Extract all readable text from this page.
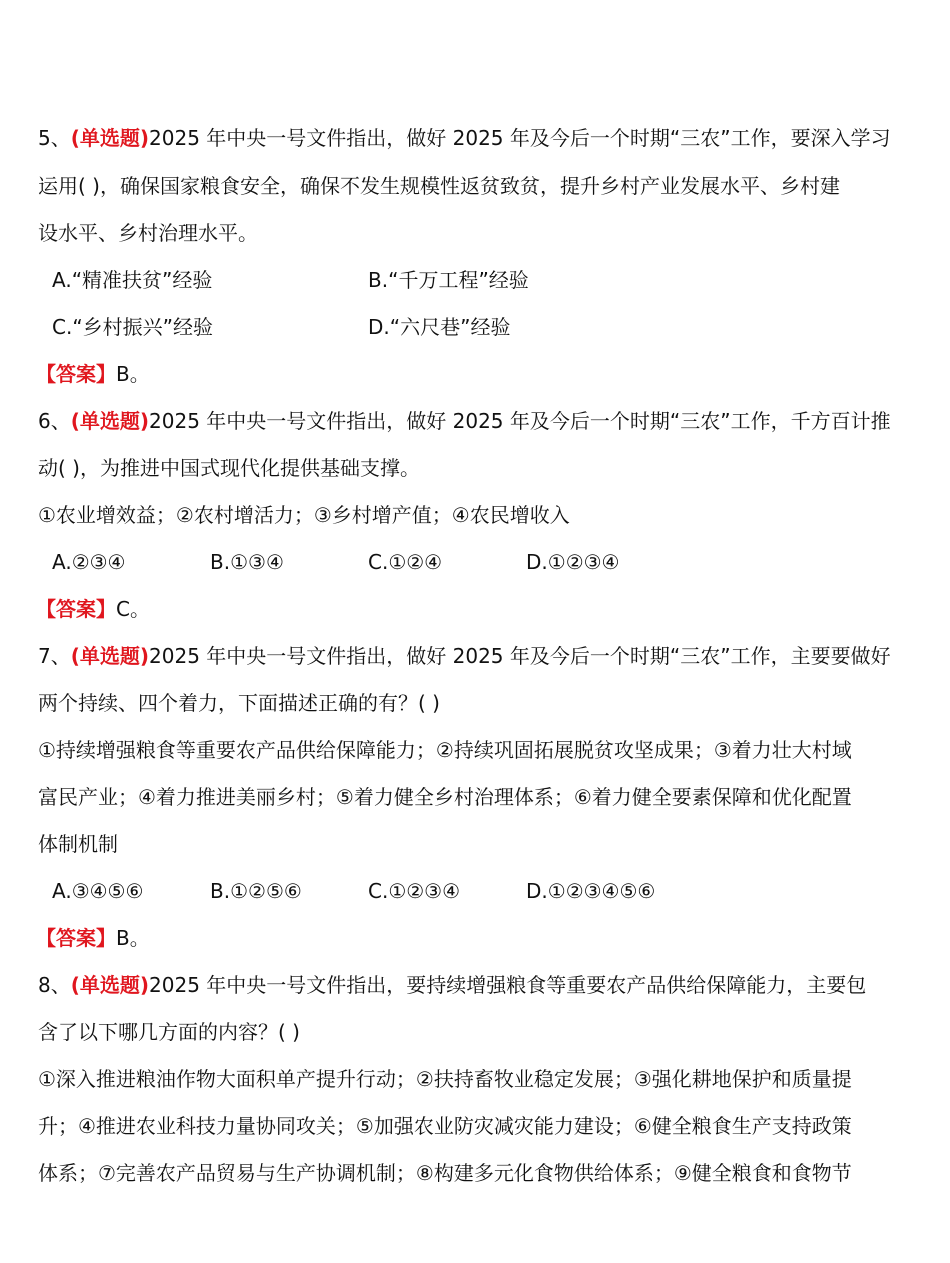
5、(单选题)2025 年中央一号文件指出，做好 2025 年及今后一个时期“三农”工作，要深入学习
运用( )，确保国家粮食安全，确保不发生规模性返贫致贫，提升乡村产业发展水平、乡村建
设水平、乡村治理水平。
A.“精准扶贫”经验	B.“千万工程”经验
C.“乡村振兴”经验	D.“六尺巷”经验
【答案】B。
6、(单选题)2025 年中央一号文件指出，做好 2025 年及今后一个时期“三农”工作，千方百计推
动( )，为推进中国式现代化提供基础支撑。
①农业增效益；②农村增活力；③乡村增产值；④农民增收入
A.②③④	B.①③④	C.①②④	D.①②③④
【答案】C。
7、(单选题)2025 年中央一号文件指出，做好 2025 年及今后一个时期“三农”工作，主要要做好
两个持续、四个着力，下面描述正确的有？( )
①持续增强粮食等重要农产品供给保障能力；②持续巩固拓展脱贫攻坚成果；③着力壮大村域
富民产业；④着力推进美丽乡村；⑤着力健全乡村治理体系；⑥着力健全要素保障和优化配置
体制机制
A.③④⑤⑥	B.①②⑤⑥	C.①②③④	D.①②③④⑤⑥
【答案】B。
8、(单选题)2025 年中央一号文件指出，要持续增强粮食等重要农产品供给保障能力，主要包
含了以下哪几方面的内容？( )
①深入推进粮油作物大面积单产提升行动；②扶持畜牧业稳定发展；③强化耕地保护和质量提
升；④推进农业科技力量协同攻关；⑤加强农业防灾减灾能力建设；⑥健全粮食生产支持政策
体系；⑦完善农产品贸易与生产协调机制；⑧构建多元化食物供给体系；⑨健全粮食和食物节
